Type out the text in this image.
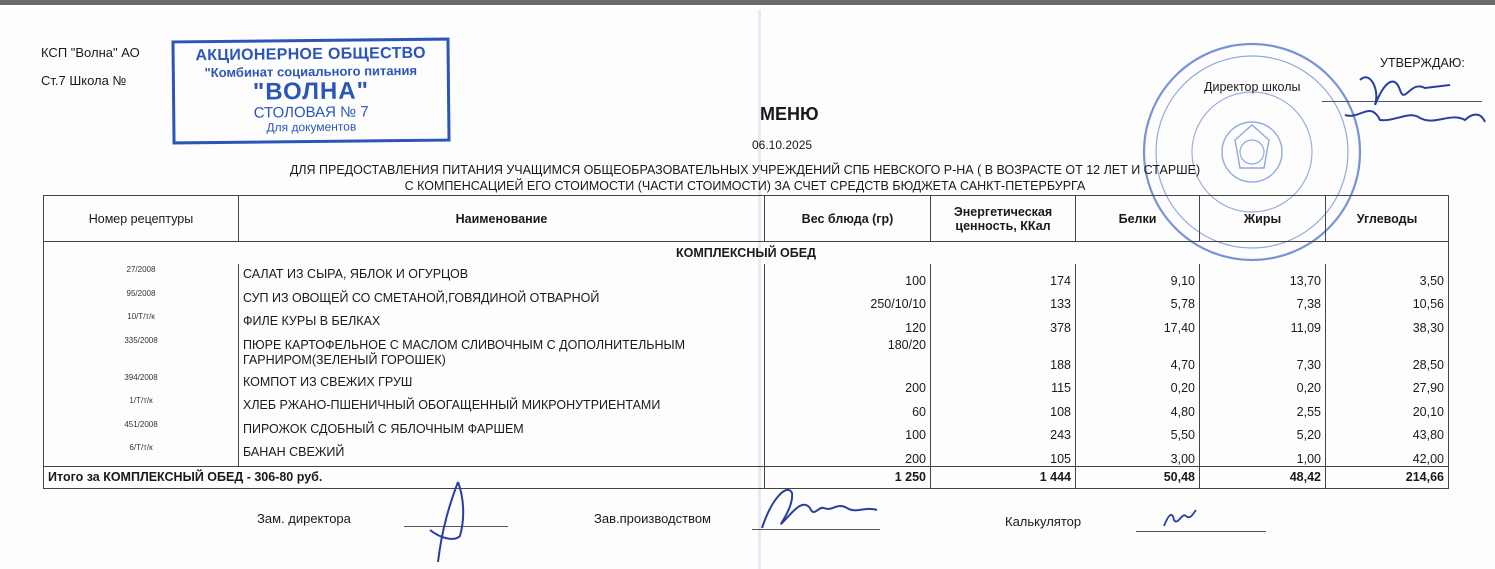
КСП "Волна" АО
Ст.7 Школа №
АКЦИОНЕРНОЕ ОБЩЕСТВО
"Комбинат социального питания
"ВОЛНА"
СТОЛОВАЯ № 7
Для документов
УТВЕРЖДАЮ:
Директор школы
МЕНЮ
06.10.2025
ДЛЯ ПРЕДОСТАВЛЕНИЯ ПИТАНИЯ УЧАЩИМСЯ ОБЩЕОБРАЗОВАТЕЛЬНЫХ УЧРЕЖДЕНИЙ СПБ НЕВСКОГО Р-НА ( В ВОЗРАСТЕ ОТ 12 ЛЕТ И СТАРШЕ)
С КОМПЕНСАЦИЕЙ ЕГО СТОИМОСТИ (ЧАСТИ СТОИМОСТИ) ЗА СЧЕТ СРЕДСТВ БЮДЖЕТА САНКТ-ПЕТЕРБУРГА
Номер рецептуры	Наименование	Вес блюда (гр)	Энергетическая ценность, ККал	Белки	Жиры	Углеводы
КОМПЛЕКСНЫЙ ОБЕД						
27/2008	САЛАТ ИЗ СЫРА, ЯБЛОК И ОГУРЦОВ	100	174	9,10	13,70	3,50
95/2008	СУП ИЗ ОВОЩЕЙ СО СМЕТАНОЙ,ГОВЯДИНОЙ ОТВАРНОЙ	250/10/10	133	5,78	7,38	10,56
10/Т/т/к	ФИЛЕ КУРЫ В БЕЛКАХ	120	378	17,40	11,09	38,30
335/2008	ПЮРЕ КАРТОФЕЛЬНОЕ С МАСЛОМ СЛИВОЧНЫМ С ДОПОЛНИТЕЛЬНЫМ ГАРНИРОМ(ЗЕЛЕНЫЙ ГОРОШЕК)	180/20	188	4,70	7,30	28,50
394/2008	КОМПОТ ИЗ СВЕЖИХ ГРУШ	200	115	0,20	0,20	27,90
1/Т/т/к	ХЛЕБ РЖАНО-ПШЕНИЧНЫЙ ОБОГАЩЕННЫЙ МИКРОНУТРИЕНТАМИ	60	108	4,80	2,55	20,10
451/2008	ПИРОЖОК СДОБНЫЙ С ЯБЛОЧНЫМ ФАРШЕМ	100	243	5,50	5,20	43,80
6/Т/т/к	БАНАН СВЕЖИЙ	200	105	3,00	1,00	42,00
Итого за КОМПЛЕКСНЫЙ ОБЕД - 306-80 руб.		1 250	1 444	50,48	48,42	214,66
Зам. директора	Зав.производством	Калькулятор
